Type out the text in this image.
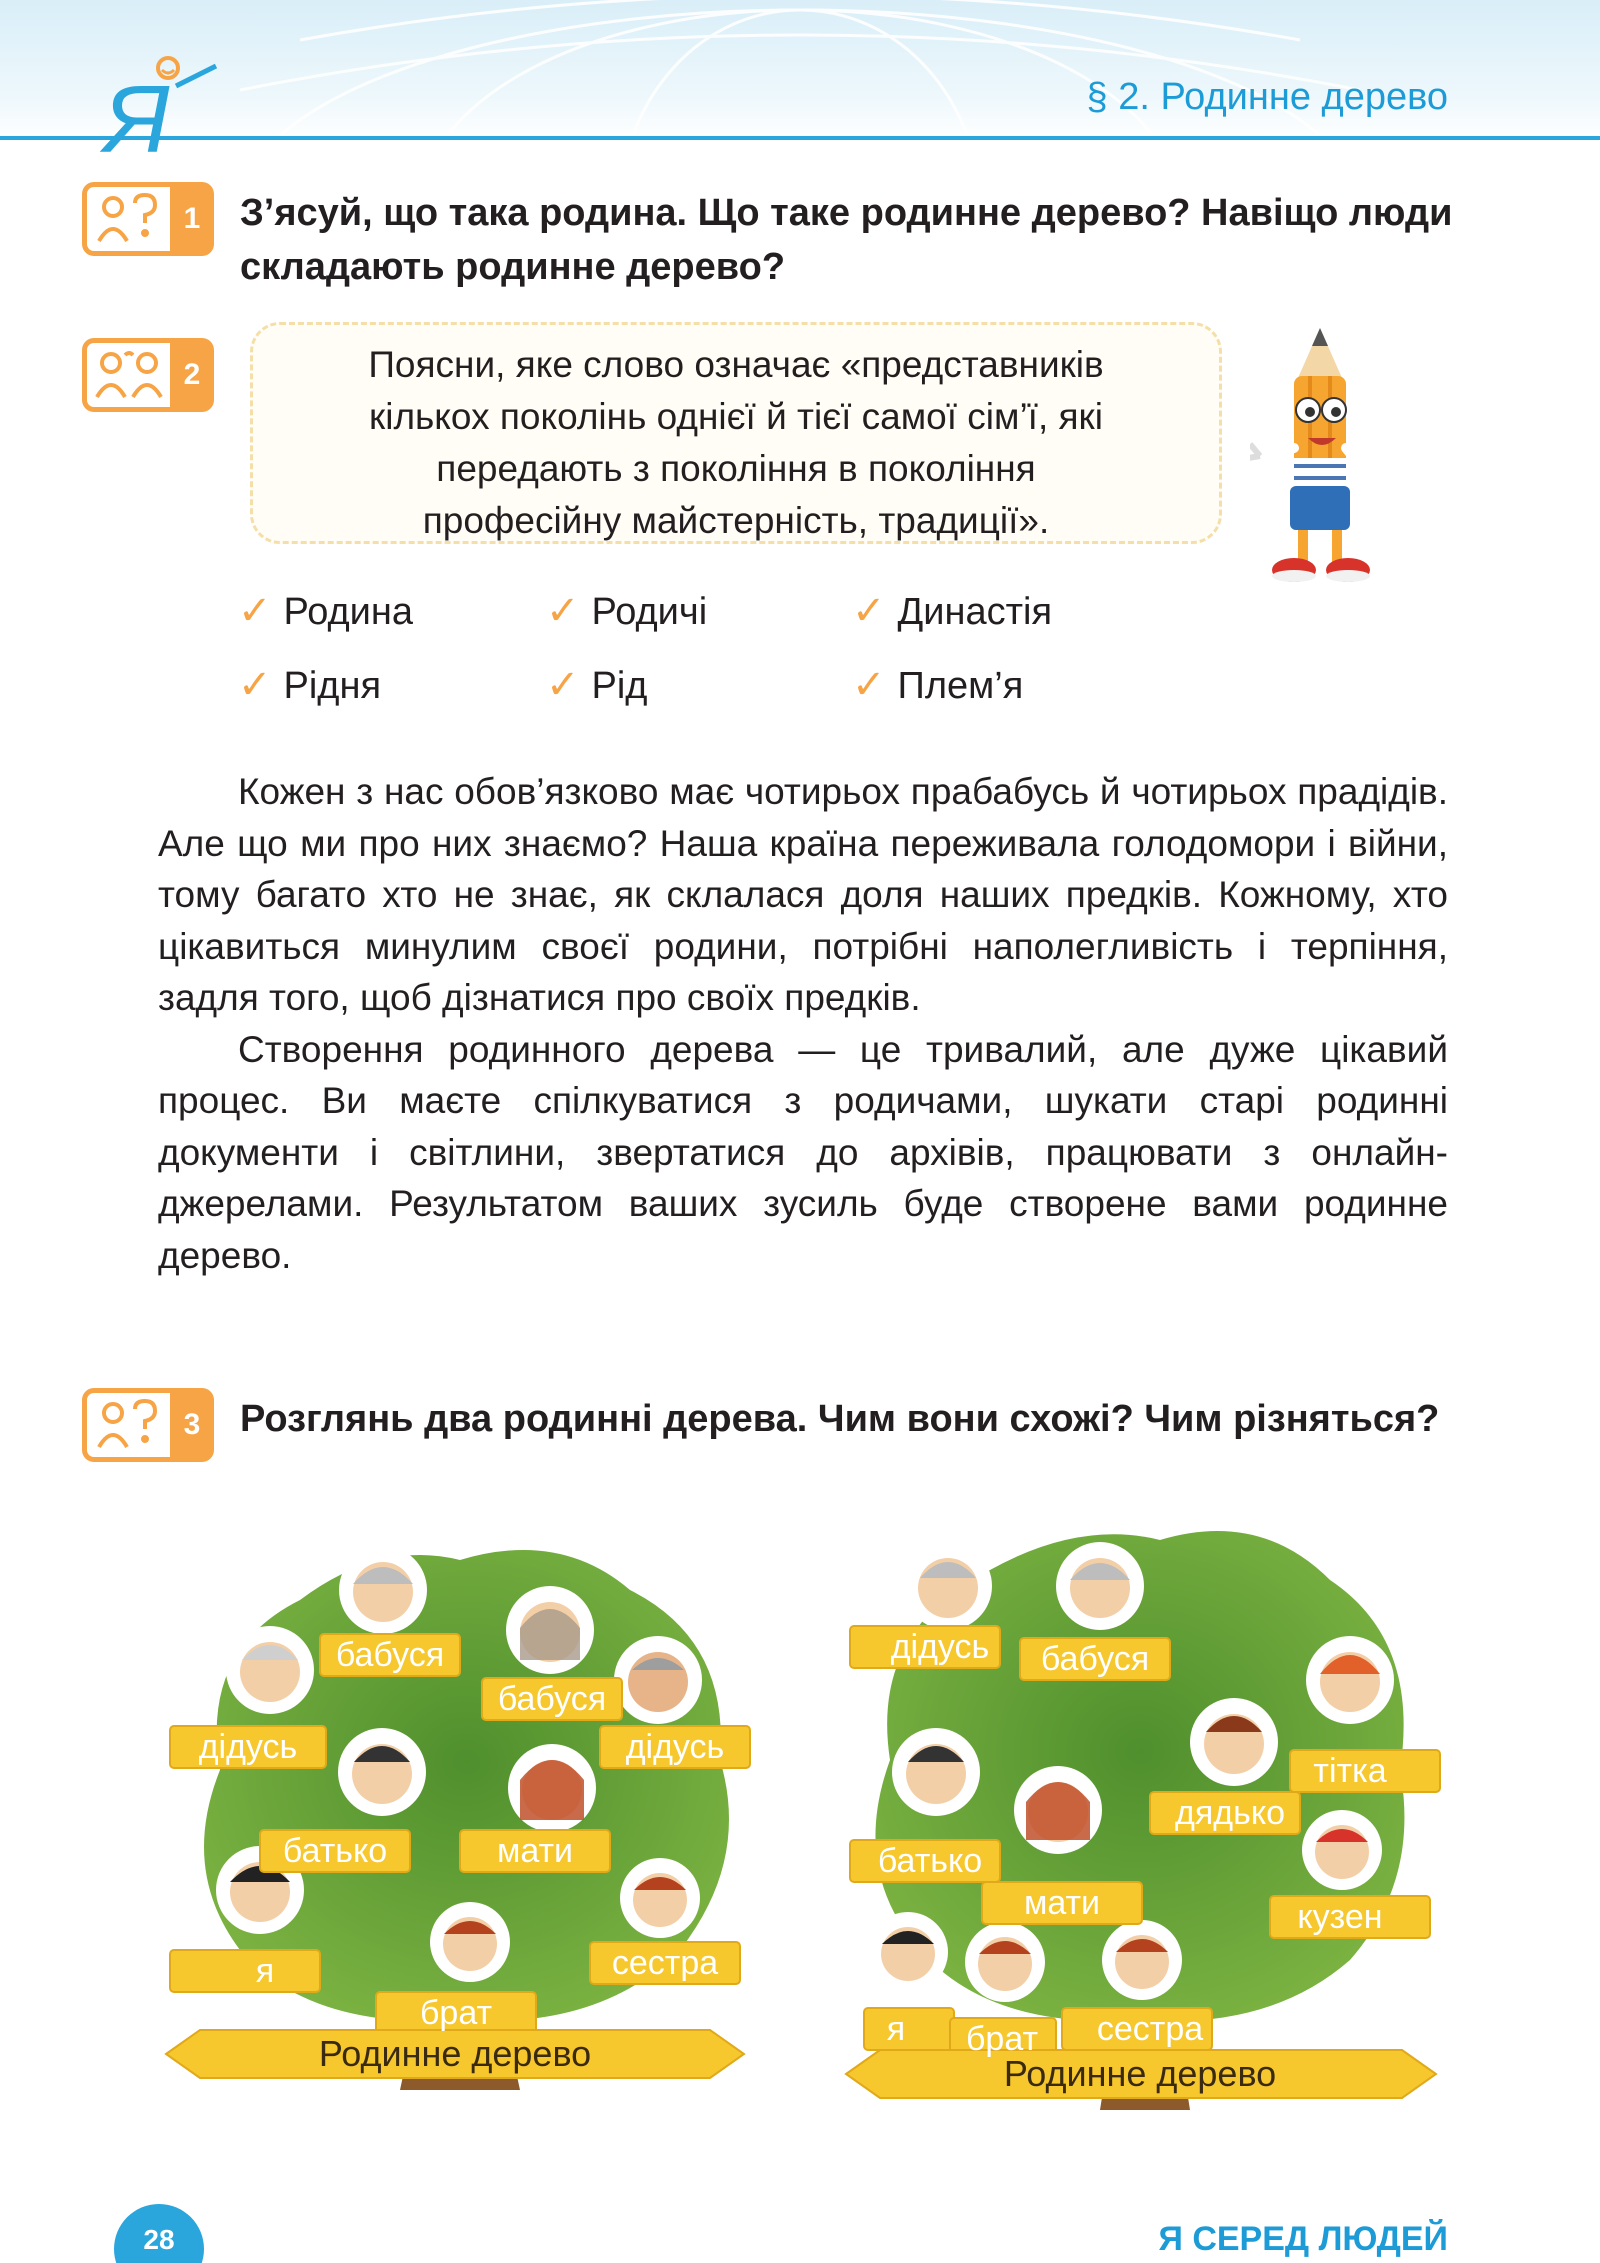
Я	§ 2. Родинне дерево
1	З’ясуй, що така родина. Що таке родинне дерево? Навіщо люди складають родинне дерево?
2	Поясни, яке слово означає «представників
кількох поколінь однієї й тієї самої сім’ї, які
передають з покоління в покоління
професійну майстерність, традиції».
✓ Родина	✓ Родичі	✓ Династія
✓ Рідня	✓ Рід	✓ Плем’я

Кожен з нас обов’язково має чотирьох прабабусь й чотирьох прадідів. Але що ми про них знаємо? Наша країна переживала голодомори і війни, тому багато хто не знає, як склалася доля наших предків. Кожному, хто цікавиться минулим своєї родини, потрібні наполегливість і терпіння, задля того, щоб дізнатися про своїх предків.

Створення родинного дерева — це тривалий, але дуже цікавий процес. Ви маєте спілкуватися з родичами, шукати старі родинні документи і світлини, звертатися до архівів, працювати з онлайн-джерелами. Результатом ваших зусиль буде створене вами родинне дерево.

3	Розглянь два родинні дерева. Чим вони схожі? Чим різняться?
бабуся
бабуся
дідусь	дідусь
батько	мати
я
брат
сестра
Родинне дерево
дідусь бабуся
тітка
дядько
батько
мати	кузен
я брат сестра
Родинне дерево
28	Я СЕРЕД ЛЮДЕЙ
